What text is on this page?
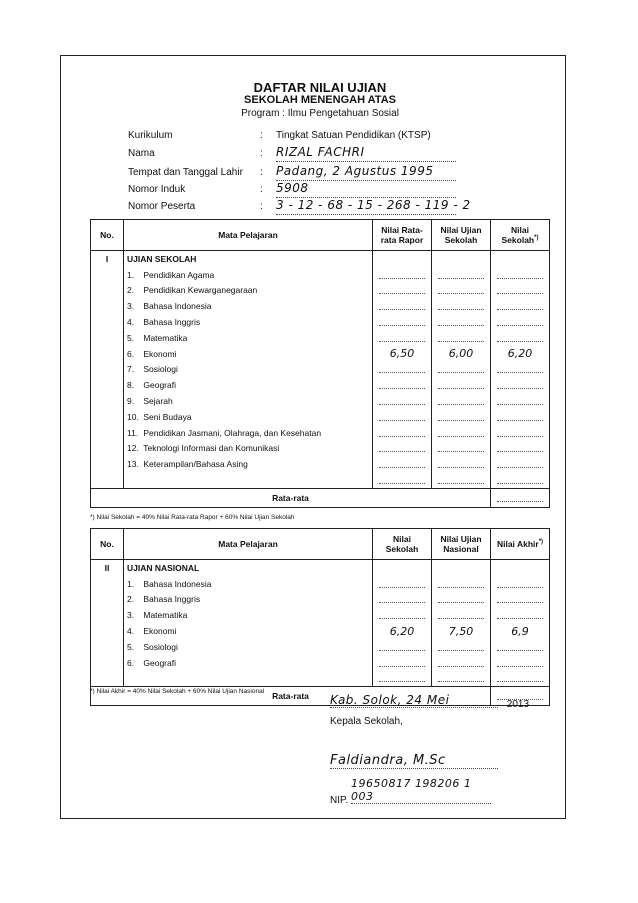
DAFTAR NILAI UJIAN
SEKOLAH MENENGAH ATAS
Program : Ilmu Pengetahuan Sosial
Kurikulum	: Tingkat Satuan Pendidikan (KTSP)
Nama	: RIZAL FACHRI
Tempat dan Tanggal Lahir : Padang, 2 Agustus 1995
Nomor Induk	: 5908
Nomor Peserta	: 3 - 12 - 68 - 15 - 268 - 119 - 2
No.	Mata Pelajaran	Nilai Rata-rata Rapor	Nilai Ujian Sekolah	Nilai Sekolah*)
I	UJIAN SEKOLAH			
	1. Pendidikan Agama			
	2. Pendidikan Kewarganegaraan			
	3. Bahasa Indonesia			
	4. Bahasa Inggris			
	5. Matematika			
	6. Ekonomi	6,50	6,00	6,20
	7. Sosiologi			
	8. Geografi			
	9. Sejarah			
	10. Seni Budaya			
	11. Pendidikan Jasmani, Olahraga, dan Kesehatan			
	12. Teknologi Informasi dan Komunikasi			
	13. Keterampilan/Bahasa Asing			

Rata-rata				
No.	Mata Pelajaran	Nilai Sekolah	Nilai Ujian Nasional	Nilai Akhir*)
II	UJIAN NASIONAL			
	1. Bahasa Indonesia			
	2. Bahasa Inggris			
	3. Matematika			
	4. Ekonomi	6,20	7,50	6,9
	5. Sosiologi			
	6. Geografi			

Rata-rata				
*) Nilai Sekolah = 40% Nilai Rata-rata Rapor + 60% Nilai Ujian Sekolah
*) Nilai Akhir = 40% Nilai Sekolah + 60% Nilai Ujian Nasional
Kab. Solok, 24 Mei	2013
Kepala Sekolah,
Faldiandra, M.Sc
NIP. 19650817 198206 1 003
